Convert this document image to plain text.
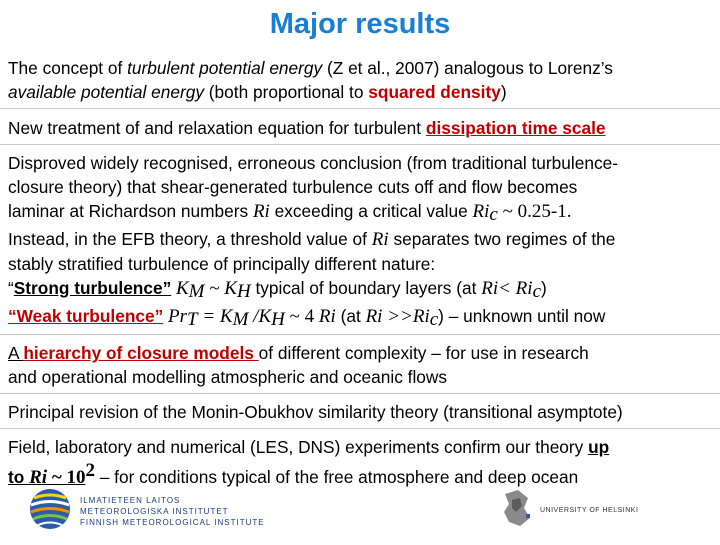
Major results
The concept of turbulent potential energy (Z et al., 2007) analogous to Lorenz’s
available potential energy (both proportional to squared density)
New treatment of and relaxation equation for turbulent dissipation time scale
Disproved widely recognised, erroneous conclusion (from traditional turbulence-
closure theory) that shear-generated turbulence cuts off and flow becomes
laminar at Richardson numbers Ri exceeding a critical value $Ri_c$ ~ 0.25-1.
Instead, in the EFB theory, a threshold value of Ri separates two regimes of the
stably stratified turbulence of principally different nature:
“Strong turbulence” $K_M$ ~ $K_H$ typical of boundary layers (at $Ri< Ri_c$)
“Weak turbulence” $Pr_T = K_M$ $/K_H$ ~ 4 Ri (at $Ri >>Ri_c$) – unknown until now
A hierarchy of closure models of different complexity – for use in research
and operational modelling atmospheric and oceanic flows
Principal revision of the Monin-Obukhov similarity theory (transitional asymptote)
Field, laboratory and numerical (LES, DNS) experiments confirm our theory up
to Ri ~ $10^2$ – for conditions typical of the free atmosphere and deep ocean
ILMATIETEEN LAITOS
METEOROLOGISKA INSTITUTET
FINNISH METEOROLOGICAL INSTITUTE
UNIVERSITY OF HELSINKI
